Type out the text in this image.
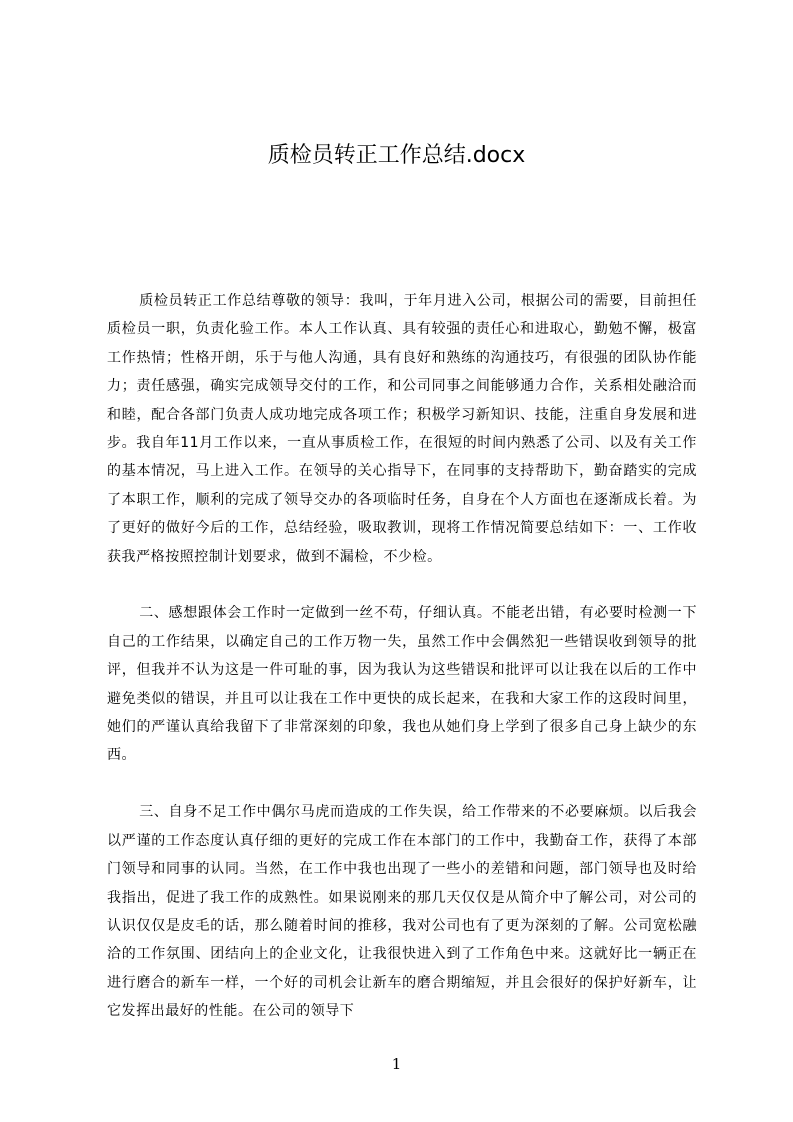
质检员转正工作总结.docx

质检员转正工作总结尊敬的领导：我叫，于年月进入公司，根据公司的需要，目前担任质检员一职，负责化验工作。本人工作认真、具有较强的责任心和进取心，勤勉不懈，极富工作热情；性格开朗，乐于与他人沟通，具有良好和熟练的沟通技巧，有很强的团队协作能力；责任感强，确实完成领导交付的工作，和公司同事之间能够通力合作，关系相处融洽而和睦，配合各部门负责人成功地完成各项工作；积极学习新知识、技能，注重自身发展和进步。我自年11月工作以来，一直从事质检工作，在很短的时间内熟悉了公司、以及有关工作的基本情况，马上进入工作。在领导的关心指导下，在同事的支持帮助下，勤奋踏实的完成了本职工作，顺利的完成了领导交办的各项临时任务，自身在个人方面也在逐渐成长着。为了更好的做好今后的工作，总结经验，吸取教训，现将工作情况简要总结如下：一、工作收获我严格按照控制计划要求，做到不漏检，不少检。

二、感想跟体会工作时一定做到一丝不苟，仔细认真。不能老出错，有必要时检测一下自己的工作结果，以确定自己的工作万物一失，虽然工作中会偶然犯一些错误收到领导的批评，但我并不认为这是一件可耻的事，因为我认为这些错误和批评可以让我在以后的工作中避免类似的错误，并且可以让我在工作中更快的成长起来，在我和大家工作的这段时间里，她们的严谨认真给我留下了非常深刻的印象，我也从她们身上学到了很多自己身上缺少的东西。

三、自身不足工作中偶尔马虎而造成的工作失误，给工作带来的不必要麻烦。以后我会以严谨的工作态度认真仔细的更好的完成工作在本部门的工作中，我勤奋工作，获得了本部门领导和同事的认同。当然，在工作中我也出现了一些小的差错和问题，部门领导也及时给我指出，促进了我工作的成熟性。如果说刚来的那几天仅仅是从简介中了解公司，对公司的认识仅仅是皮毛的话，那么随着时间的推移，我对公司也有了更为深刻的了解。公司宽松融洽的工作氛围、团结向上的企业文化，让我很快进入到了工作角色中来。这就好比一辆正在进行磨合的新车一样，一个好的司机会让新车的磨合期缩短，并且会很好的保护好新车，让它发挥出最好的性能。在公司的领导下

1
